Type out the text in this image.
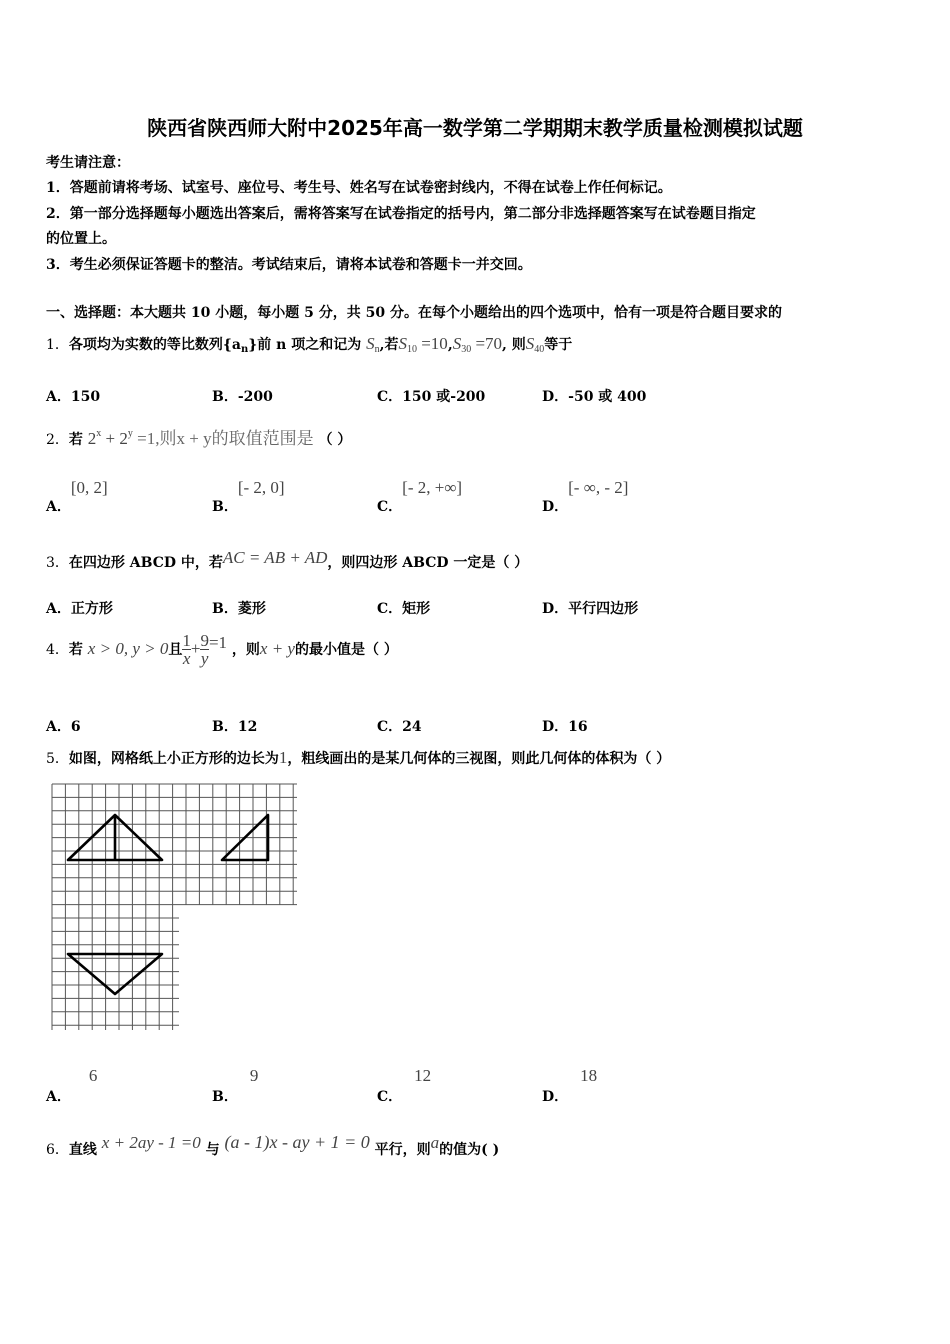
陕西省陕西师大附中2025年高一数学第二学期期末教学质量检测模拟试题
考生请注意：
1．答题前请将考场、试室号、座位号、考生号、姓名写在试卷密封线内，不得在试卷上作任何标记。
2．第一部分选择题每小题选出答案后，需将答案写在试卷指定的括号内，第二部分非选择题答案写在试卷题目指定
的位置上。
3．考生必须保证答题卡的整洁。考试结束后，请将本试卷和答题卡一并交回。
一、选择题：本大题共 10 小题，每小题 5 分，共 50 分。在每个小题给出的四个选项中，恰有一项是符合题目要求的
1．各项均为实数的等比数列$\{a_n\}$前 n 项之和记为 $S_n$,若$S_{10} =10,S_{30} =70$, 则$S_{40}$等于
A．150	B．-200	C．150 或-200	D．-50 或 400
2．若 $2^x + 2^y =1$,则x + y的取值范围是 （ ）
A．[0, 2]
B．[- 2, 0]
C．[- 2, +∞]
D．[- ∞, - 2]
3．在四边形 ABCD 中，若AC = AB + AD，则四边形 ABCD 一定是（ ）
A．正方形	B．菱形	C．矩形	D．平行四边形
4．若 x > 0, y > 0且 $\frac{1}{x} + \frac{9}{y} =1$ ，则x + y的最小值是（ ）
A．6	B．12	C．24	D．16
5．如图，网格纸上小正方形的边长为1，粗线画出的是某几何体的三视图，则此几何体的体积为（ ）
A．6
B．9
C．12
D．18
6．直线 x + 2ay - 1 =0 与 (a - 1)x - ay + 1 = 0 平行，则a的值为( )
